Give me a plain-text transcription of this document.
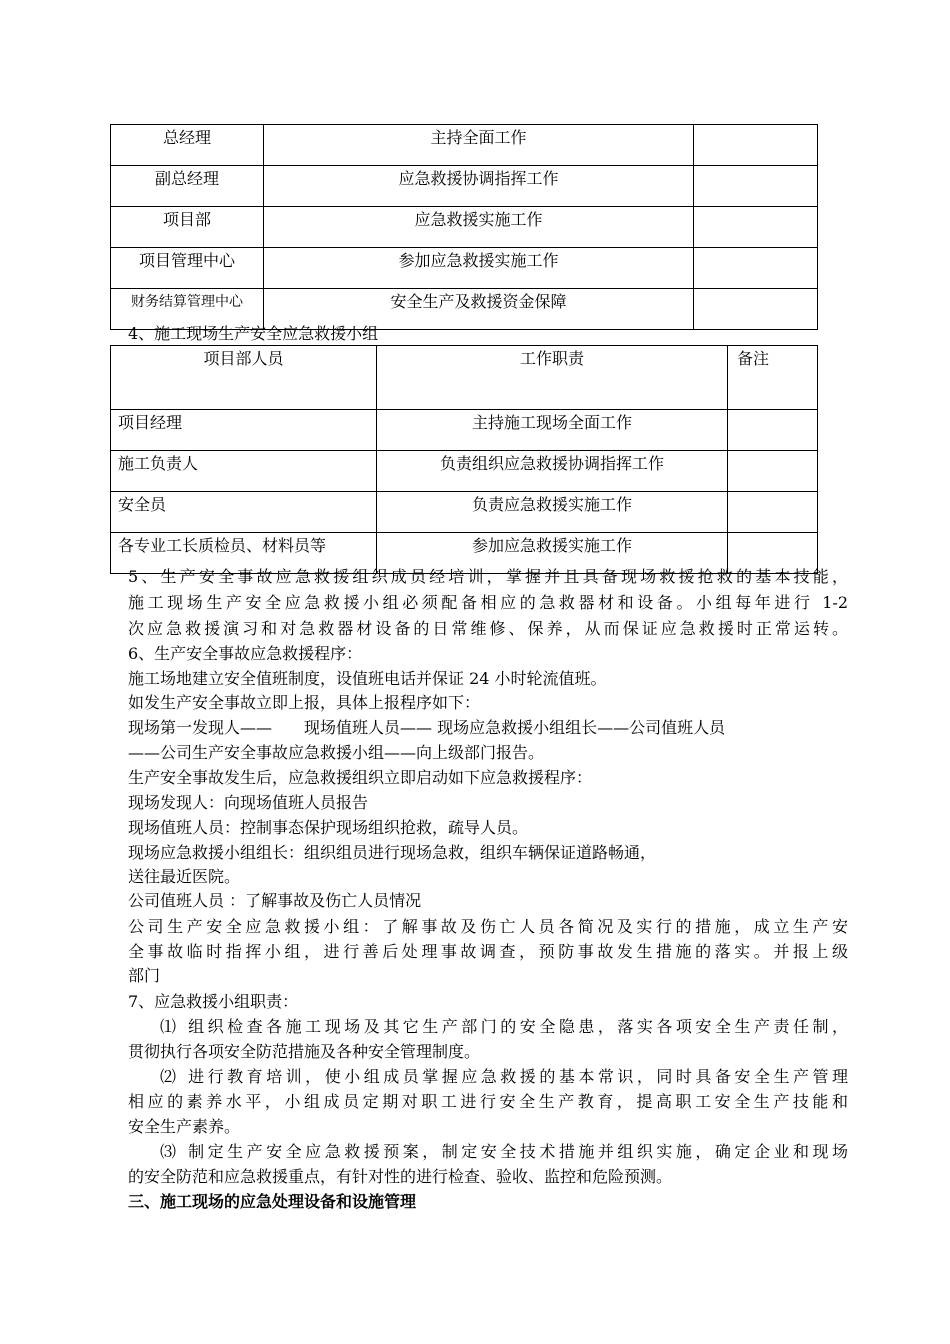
总经理	主持全面工作	
副总经理	应急救援协调指挥工作	
项目部	应急救援实施工作	
项目管理中心	参加应急救援实施工作	
财务结算管理中心	安全生产及救援资金保障	
4、施工现场生产安全应急救援小组
项目部人员	工作职责	备注
项目经理	主持施工现场全面工作	
施工负责人	负责组织应急救援协调指挥工作	
安全员	负责应急救援实施工作	
各专业工长质检员、材料员等	参加应急救援实施工作	
5、生产安全事故应急救援组织成员经培训，掌握并且具备现场救援抢救的基本技能，
施工现场生产安全应急救援小组必须配备相应的急救器材和设备。小组每年进行 1-2
次应急救援演习和对急救器材设备的日常维修、保养，从而保证应急救援时正常运转。
6、生产安全事故应急救援程序：
施工场地建立安全值班制度，设值班电话并保证 24 小时轮流值班。
如发生产安全事故立即上报，具体上报程序如下：
现场第一发现人——　　现场值班人员—— 现场应急救援小组组长——公司值班人员
——公司生产安全事故应急救援小组——向上级部门报告。
生产安全事故发生后，应急救援组织立即启动如下应急救援程序：
现场发现人：向现场值班人员报告
现场值班人员：控制事态保护现场组织抢救，疏导人员。
现场应急救援小组组长：组织组员进行现场急救，组织车辆保证道路畅通，
送往最近医院。
公司值班人员 ：了解事故及伤亡人员情况
公司生产安全应急救援小组：了解事故及伤亡人员各简况及实行的措施，成立生产安
全事故临时指挥小组，进行善后处理事故调查，预防事故发生措施的落实。并报上级
部门
7、应急救援小组职责：
⑴ 组织检查各施工现场及其它生产部门的安全隐患，落实各项安全生产责任制，
贯彻执行各项安全防范措施及各种安全管理制度。
⑵ 进行教育培训，使小组成员掌握应急救援的基本常识，同时具备安全生产管理
相应的素养水平，小组成员定期对职工进行安全生产教育，提高职工安全生产技能和
安全生产素养。
⑶ 制定生产安全应急救援预案，制定安全技术措施并组织实施，确定企业和现场
的安全防范和应急救援重点，有针对性的进行检查、验收、监控和危险预测。
三、施工现场的应急处理设备和设施管理
